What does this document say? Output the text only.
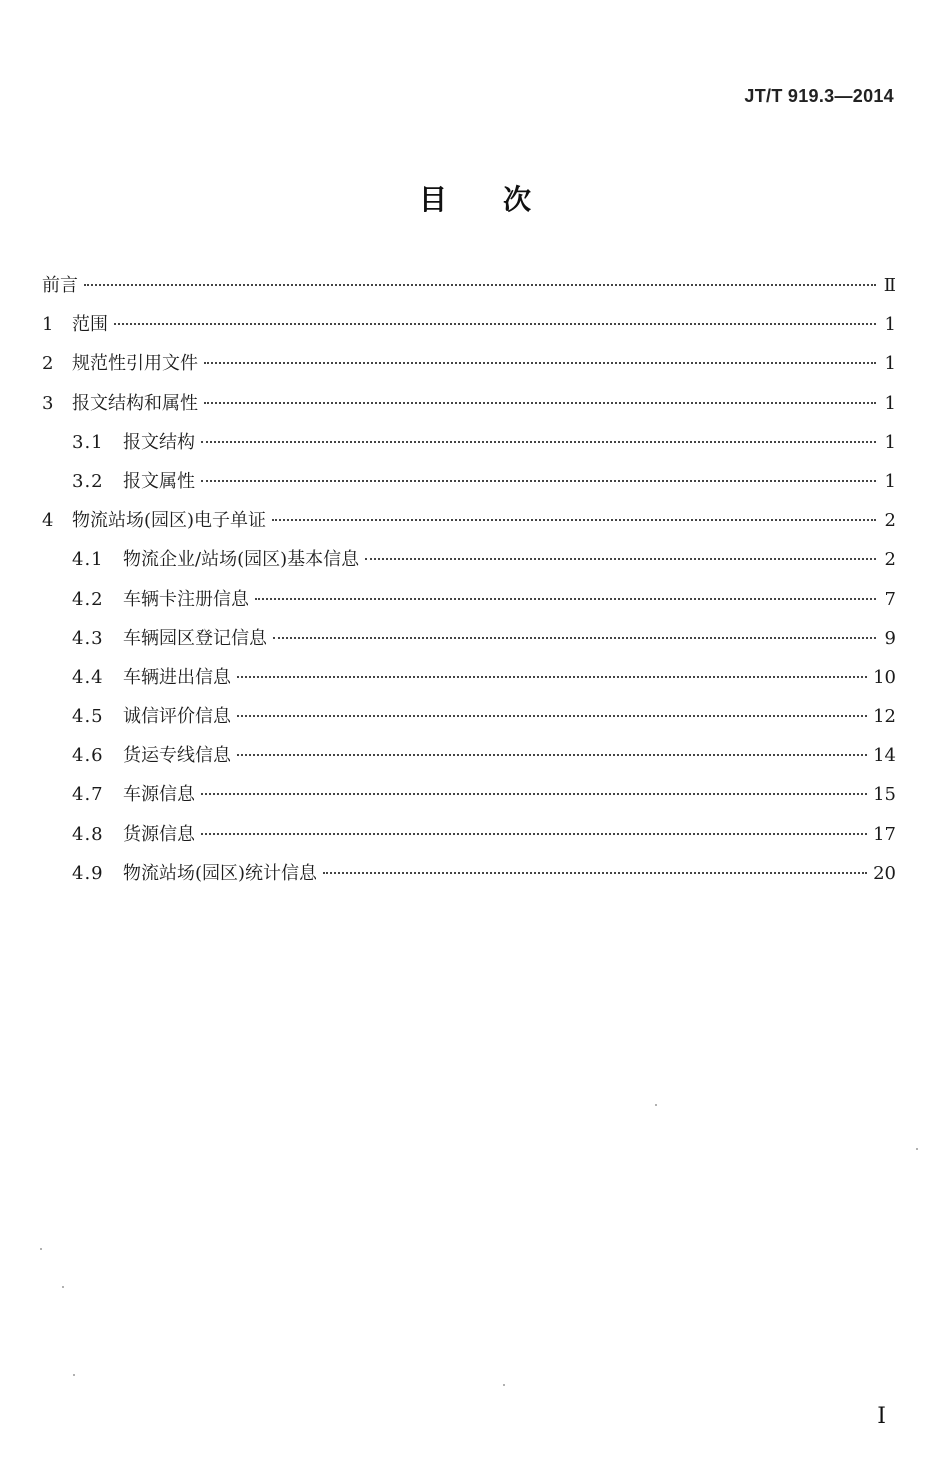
JT/T 919.3—2014
目次
前言	Ⅱ
1	范围	1
2	规范性引用文件	1
3	报文结构和属性	1
3.1	报文结构	1
3.2	报文属性	1
4	物流站场(园区)电子单证	2
4.1	物流企业/站场(园区)基本信息	2
4.2	车辆卡注册信息	7
4.3	车辆园区登记信息	9
4.4	车辆进出信息	10
4.5	诚信评价信息	12
4.6	货运专线信息	14
4.7	车源信息	15
4.8	货源信息	17
4.9	物流站场(园区)统计信息	20
I
